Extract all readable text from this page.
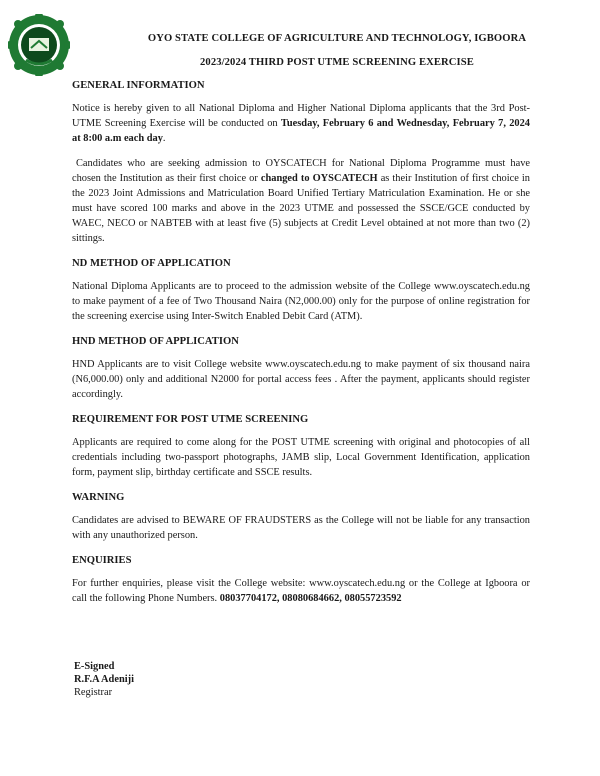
OYO STATE COLLEGE OF AGRICULTURE AND TECHNOLOGY, IGBOORA
2023/2024 THIRD POST UTME SCREENING EXERCISE
GENERAL INFORMATION

Notice is hereby given to all National Diploma and Higher National Diploma applicants that the 3rd Post-UTME Screening Exercise will be conducted on Tuesday, February 6 and Wednesday, February 7, 2024 at 8:00 a.m each day.

Candidates who are seeking admission to OYSCATECH for National Diploma Programme must have chosen the Institution as their first choice or changed to OYSCATECH as their Institution of first choice in the 2023 Joint Admissions and Matriculation Board Unified Tertiary Matriculation Examination. He or she must have scored 100 marks and above in the 2023 UTME and possessed the SSCE/GCE conducted by WAEC, NECO or NABTEB with at least five (5) subjects at Credit Level obtained at not more than two (2) sittings.

ND METHOD OF APPLICATION

National Diploma Applicants are to proceed to the admission website of the College www.oyscatech.edu.ng to make payment of a fee of Two Thousand Naira (N2,000.00) only for the purpose of online registration for the screening exercise using Inter-Switch Enabled Debit Card (ATM).

HND METHOD OF APPLICATION

HND Applicants are to visit College website www.oyscatech.edu.ng to make payment of six thousand naira (N6,000.00) only and additional N2000 for portal access fees . After the payment, applicants should register accordingly.

REQUIREMENT FOR POST UTME SCREENING

Applicants are required to come along for the POST UTME screening with original and photocopies of all credentials including two-passport photographs, JAMB slip, Local Government Identification, application form, payment slip, birthday certificate and SSCE results.

WARNING

Candidates are advised to BEWARE OF FRAUDSTERS as the College will not be liable for any transaction with any unauthorized person.

ENQUIRIES

For further enquiries, please visit the College website: www.oyscatech.edu.ng or the College at Igboora or call the following Phone Numbers. 08037704172, 08080684662, 08055723592

E-Signed
R.F.A Adeniji
Registrar
